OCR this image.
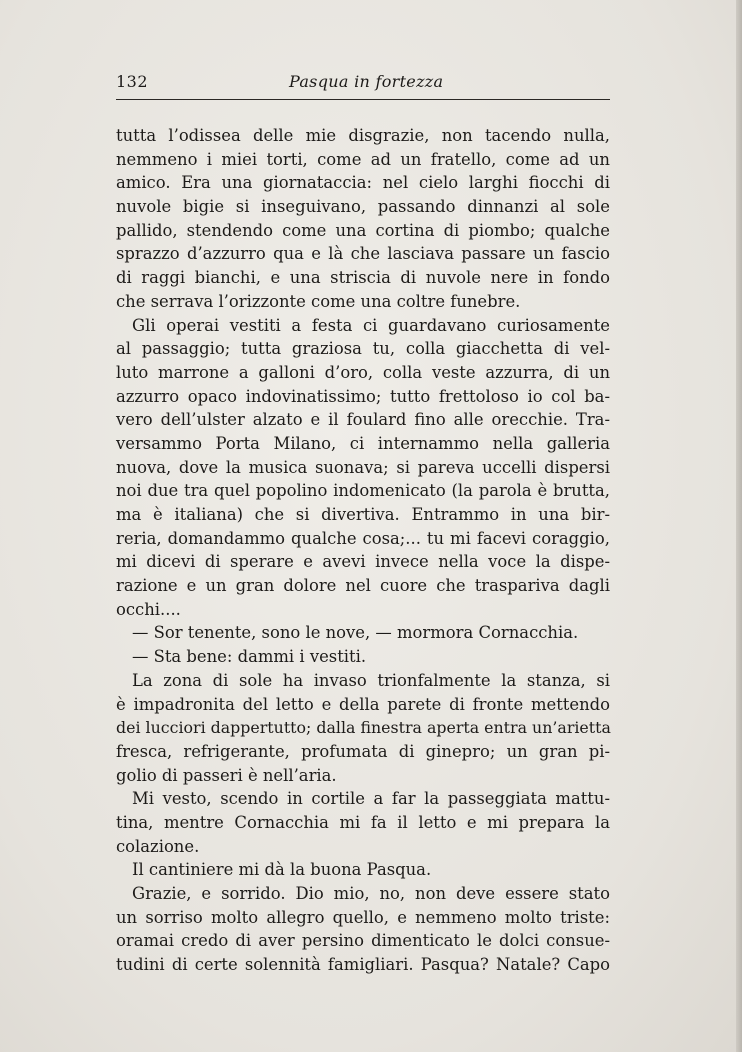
132	Pasqua in fortezza
tutta l’odissea delle mie disgrazie, non tacendo nulla,
nemmeno i miei torti, come ad un fratello, come ad un
amico. Era una giornataccia: nel cielo larghi fiocchi di
nuvole bigie si inseguivano, passando dinnanzi al sole
pallido, stendendo come una cortina di piombo; qualche
sprazzo d’azzurro qua e là che lasciava passare un fascio
di raggi bianchi, e una striscia di nuvole nere in fondo
che serrava l’orizzonte come una coltre funebre.
Gli operai vestiti a festa ci guardavano curiosamente
al passaggio; tutta graziosa tu, colla giacchetta di vel-
luto marrone a galloni d’oro, colla veste azzurra, di un
azzurro opaco indovinatissimo; tutto frettoloso io col ba-
vero dell’ulster alzato e il foulard fino alle orecchie. Tra-
versammo Porta Milano, ci internammo nella galleria
nuova, dove la musica suonava; si pareva uccelli dispersi
noi due tra quel popolino indomenicato (la parola è brutta,
ma è italiana) che si divertiva. Entrammo in una bir-
reria, domandammo qualche cosa;... tu mi facevi coraggio,
mi dicevi di sperare e avevi invece nella voce la dispe-
razione e un gran dolore nel cuore che traspariva dagli
occhi....
— Sor tenente, sono le nove, — mormora Cornacchia.
— Sta bene: dammi i vestiti.
La zona di sole ha invaso trionfalmente la stanza, si
è impadronita del letto e della parete di fronte mettendo
dei lucciori dappertutto; dalla finestra aperta entra un’arietta
fresca, refrigerante, profumata di ginepro; un gran pi-
golio di passeri è nell’aria.
Mi vesto, scendo in cortile a far la passeggiata mattu-
tina, mentre Cornacchia mi fa il letto e mi prepara la
colazione.
Il cantiniere mi dà la buona Pasqua.
Grazie, e sorrido. Dio mio, no, non deve essere stato
un sorriso molto allegro quello, e nemmeno molto triste:
oramai credo di aver persino dimenticato le dolci consue-
tudini di certe solennità famigliari. Pasqua? Natale? Capo
